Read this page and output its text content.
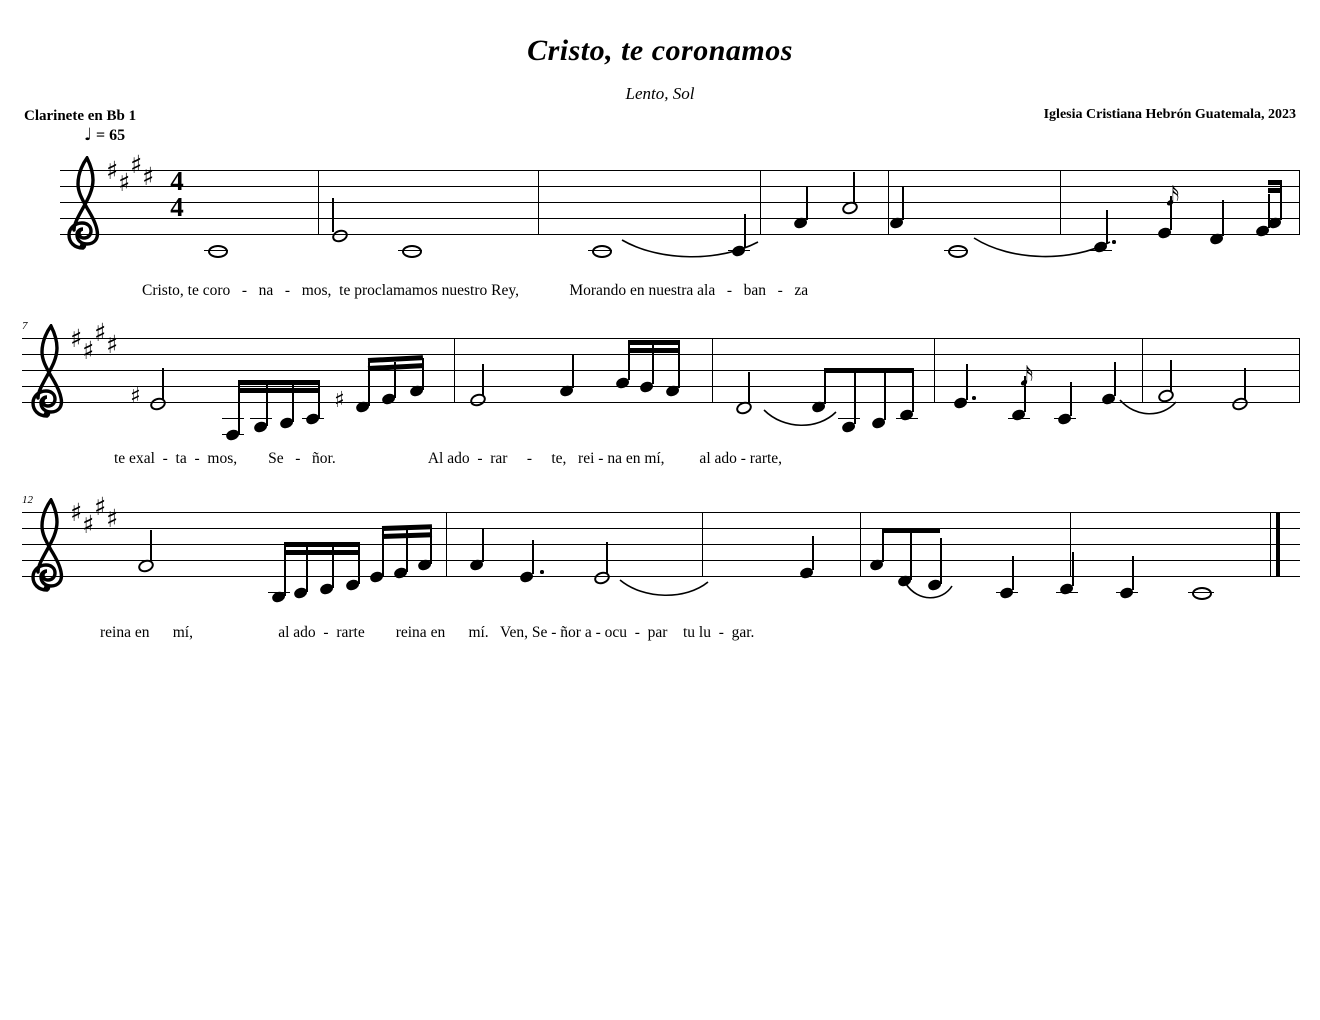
Cristo, te coronamos
Lento, Sol
Clarinete en Bb 1	Iglesia Cristiana Hebrón Guatemala, 2023
♩ = 65
♯ ♯
♯ ♯ 4
4	𝅘𝅥𝅯
Cristo, te coro   -   na   -   mos,  te proclamamos nuestro Rey,             Morando en nuestra ala   -   ban   -   za
7 ♯ ♯
♯ ♯
♯	♯
𝅘𝅥𝅯
te exal  -  ta  -  mos,        Se   -   ñor.                        Al ado  -  rar     -     te,   rei - na en mí,         al ado - rarte,
12 ♯ ♯
♯ ♯
reina en      mí,                      al ado  -  rarte        reina en      mí.   Ven, Se - ñor a - ocu  -  par    tu lu  -  gar.
